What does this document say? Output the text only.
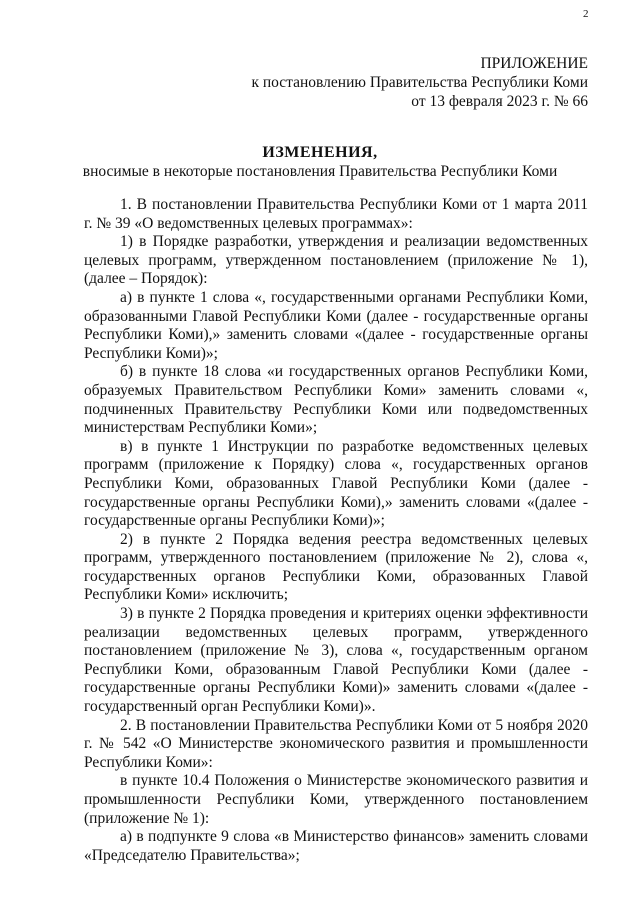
2
ПРИЛОЖЕНИЕ
к постановлению Правительства Республики Коми
от 13 февраля 2023 г. № 66
ИЗМЕНЕНИЯ,
вносимые в некоторые постановления Правительства Республики Коми

1. В постановлении Правительства Республики Коми от 1 марта 2011 г. № 39 «О ведомственных целевых программах»:

1) в Порядке разработки, утверждения и реализации ведомственных целевых программ, утвержденном постановлением (приложение № 1), (далее – Порядок):

а) в пункте 1 слова «, государственными органами Республики Коми, образованными Главой Республики Коми (далее - государственные органы Республики Коми),» заменить словами «(далее - государственные органы Республики Коми)»;

б) в пункте 18 слова «и государственных органов Республики Коми, образуемых Правительством Республики Коми» заменить словами «, подчиненных Правительству Республики Коми или подведомственных министерствам Республики Коми»;

в) в пункте 1 Инструкции по разработке ведомственных целевых программ (приложение к Порядку) слова «, государственных органов Республики Коми, образованных Главой Республики Коми (далее - государственные органы Республики Коми),» заменить словами «(далее - государственные органы Республики Коми)»;

2) в пункте 2 Порядка ведения реестра ведомственных целевых программ, утвержденного постановлением (приложение № 2), слова «, государственных органов Республики Коми, образованных Главой Республики Коми» исключить;

3) в пункте 2 Порядка проведения и критериях оценки эффективности реализации ведомственных целевых программ, утвержденного постановлением (приложение № 3), слова «, государственным органом Республики Коми, образованным Главой Республики Коми (далее - государственные органы Республики Коми)» заменить словами «(далее - государственный орган Республики Коми)».

2. В постановлении Правительства Республики Коми от 5 ноября 2020 г. № 542 «О Министерстве экономического развития и промышленности Республики Коми»:

в пункте 10.4 Положения о Министерстве экономического развития и промышленности Республики Коми, утвержденного постановлением (приложение № 1):

а) в подпункте 9 слова «в Министерство финансов» заменить словами «Председателю Правительства»;
